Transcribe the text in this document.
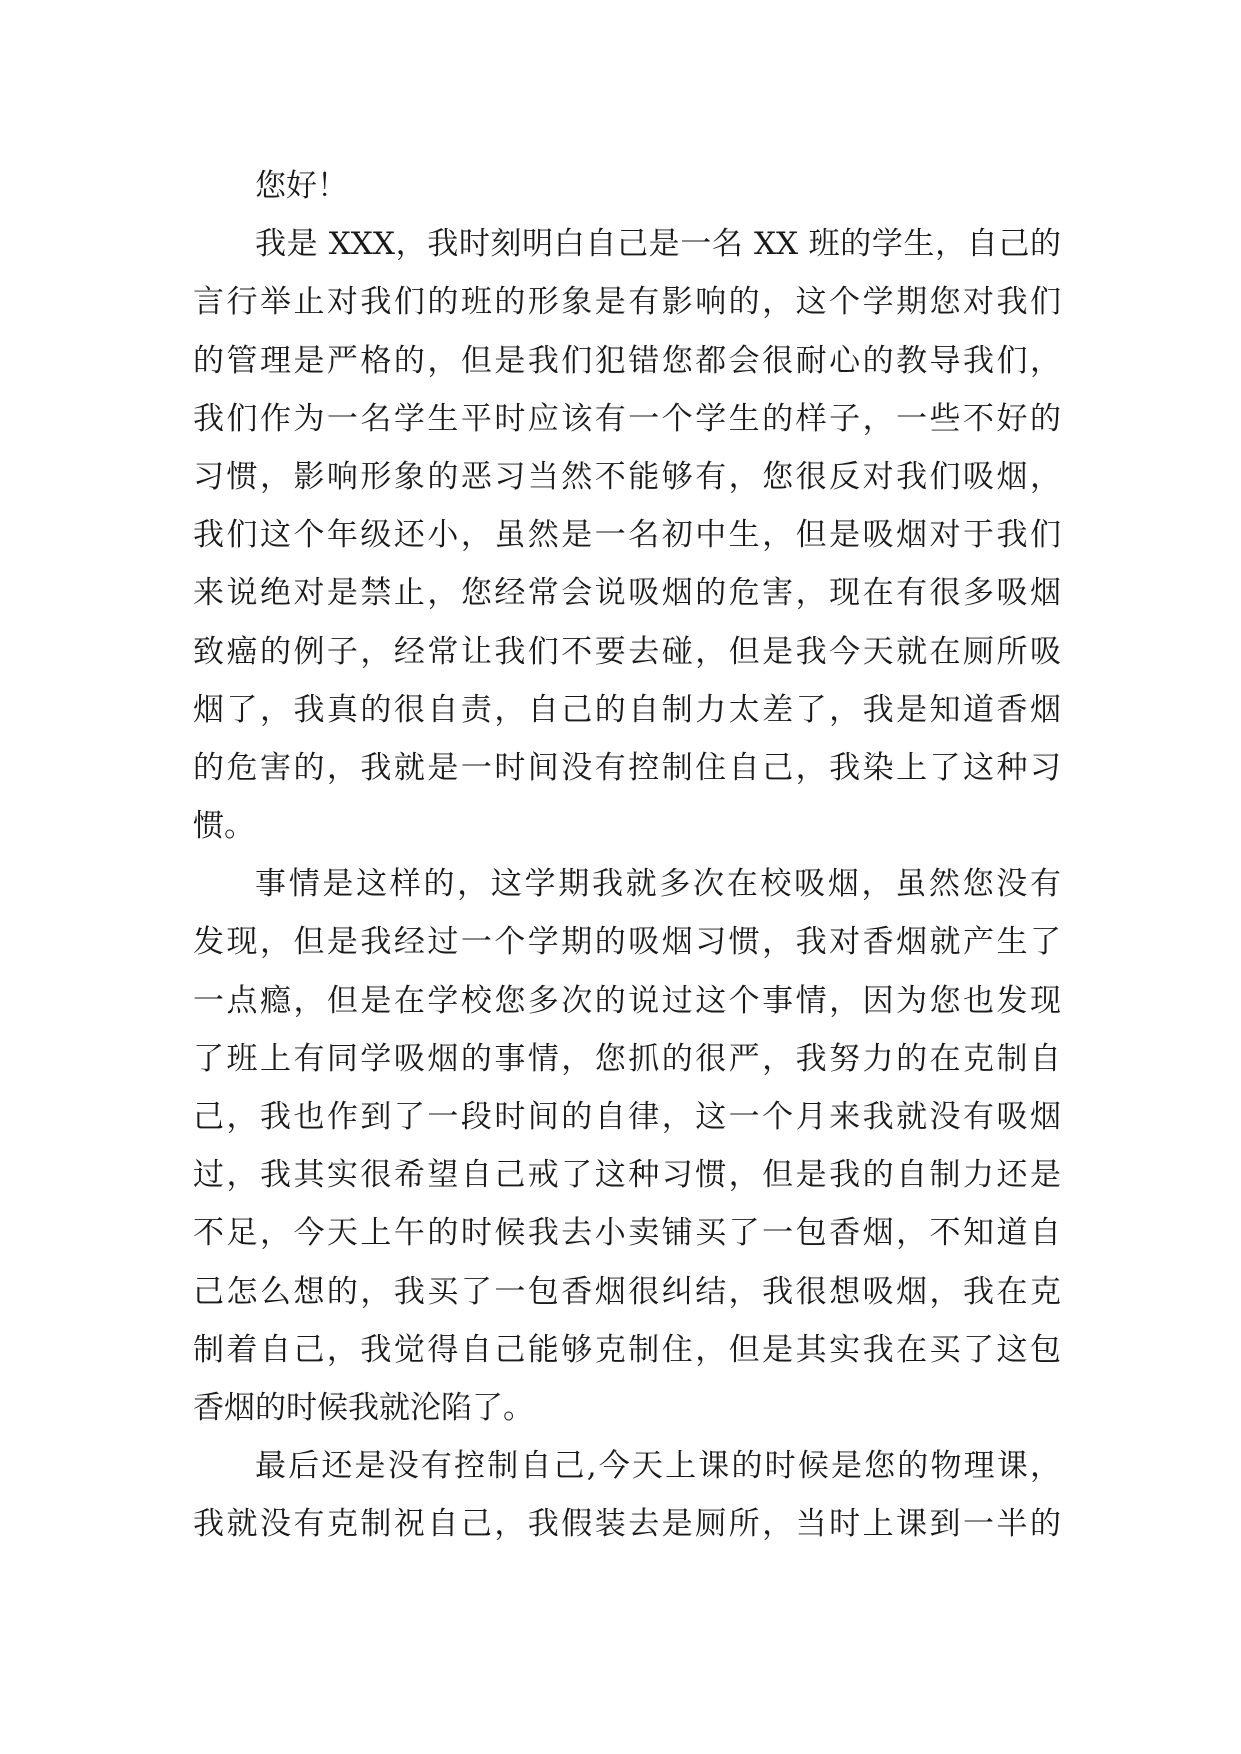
您好！
我是 XXX，我时刻明白自己是一名 XX 班的学生，自己的
言行举止对我们的班的形象是有影响的，这个学期您对我们
的管理是严格的，但是我们犯错您都会很耐心的教导我们，
我们作为一名学生平时应该有一个学生的样子，一些不好的
习惯，影响形象的恶习当然不能够有，您很反对我们吸烟，
我们这个年级还小，虽然是一名初中生，但是吸烟对于我们
来说绝对是禁止，您经常会说吸烟的危害，现在有很多吸烟
致癌的例子，经常让我们不要去碰，但是我今天就在厕所吸
烟了，我真的很自责，自己的自制力太差了，我是知道香烟
的危害的，我就是一时间没有控制住自己，我染上了这种习
惯。
事情是这样的，这学期我就多次在校吸烟，虽然您没有
发现，但是我经过一个学期的吸烟习惯，我对香烟就产生了
一点瘾，但是在学校您多次的说过这个事情，因为您也发现
了班上有同学吸烟的事情，您抓的很严，我努力的在克制自
己，我也作到了一段时间的自律，这一个月来我就没有吸烟
过，我其实很希望自己戒了这种习惯，但是我的自制力还是
不足，今天上午的时候我去小卖铺买了一包香烟，不知道自
己怎么想的，我买了一包香烟很纠结，我很想吸烟，我在克
制着自己，我觉得自己能够克制住，但是其实我在买了这包
香烟的时候我就沦陷了。
最后还是没有控制自己,今天上课的时候是您的物理课，
我就没有克制祝自己，我假装去是厕所，当时上课到一半的
